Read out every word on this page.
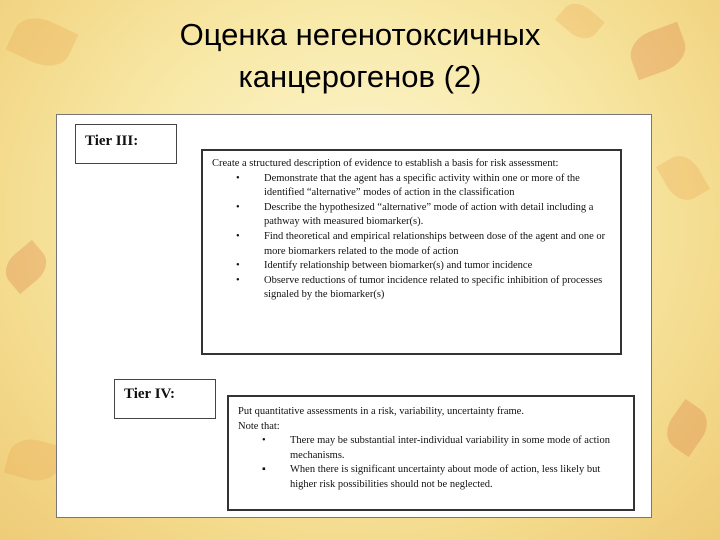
Оценка негенотоксичных
канцерогенов (2)
Tier III:

Create a structured description of evidence to establish a basis for risk assessment:

• Demonstrate that the agent has a specific activity within one or more of the identified “alternative” modes of action in the classification
• Describe the hypothesized “alternative” mode of action with detail including a pathway with measured biomarker(s).
• Find theoretical and empirical relationships between dose of the agent and one or more biomarkers related to the mode of action
• Identify relationship between biomarker(s) and tumor incidence
• Observe reductions of tumor incidence related to specific inhibition of processes signaled by the biomarker(s)
Tier IV:

Put quantitative assessments in a risk, variability, uncertainty frame.

Note that:

• There may be substantial inter-individual variability in some mode of action mechanisms.
▪ When there is significant uncertainty about mode of action, less likely but higher risk possibilities should not be neglected.
